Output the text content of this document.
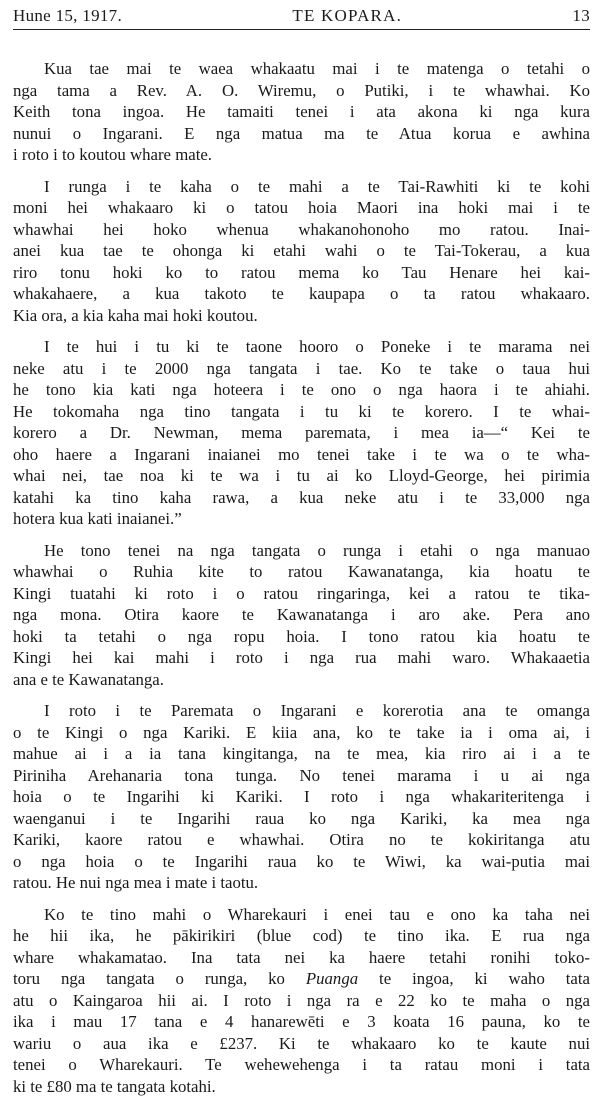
Hune 15, 1917.	TE KOPARA.	13

Kua tae mai te waea whakaatu mai i te matenga o tetahi o
nga tama a Rev. A. O. Wiremu, o Putiki, i te whawhai. Ko
Keith tona ingoa. He tamaiti tenei i ata akona ki nga kura
nunui o Ingarani. E nga matua ma te Atua korua e awhina
i roto i to koutou whare mate.

I runga i te kaha o te mahi a te Tai-Rawhiti ki te kohi
moni hei whakaaro ki o tatou hoia Maori ina hoki mai i te
whawhai hei hoko whenua whakanohonoho mo ratou. Inai-
anei kua tae te ohonga ki etahi wahi o te Tai-Tokerau, a kua
riro tonu hoki ko to ratou mema ko Tau Henare hei kai-
whakahaere, a kua takoto te kaupapa o ta ratou whakaaro.
Kia ora, a kia kaha mai hoki koutou.

I te hui i tu ki te taone hooro o Poneke i te marama nei
neke atu i te 2000 nga tangata i tae. Ko te take o taua hui
he tono kia kati nga hoteera i te ono o nga haora i te ahiahi.
He tokomaha nga tino tangata i tu ki te korero. I te whai-
korero a Dr. Newman, mema paremata, i mea ia—“ Kei te
oho haere a Ingarani inaianei mo tenei take i te wa o te wha-
whai nei, tae noa ki te wa i tu ai ko Lloyd-George, hei pirimia
katahi ka tino kaha rawa, a kua neke atu i te 33,000 nga
hotera kua kati inaianei.”

He tono tenei na nga tangata o runga i etahi o nga manuao
whawhai o Ruhia kite to ratou Kawanatanga, kia hoatu te
Kingi tuatahi ki roto i o ratou ringaringa, kei a ratou te tika-
nga mona. Otira kaore te Kawanatanga i aro ake. Pera ano
hoki ta tetahi o nga ropu hoia. I tono ratou kia hoatu te
Kingi hei kai mahi i roto i nga rua mahi waro. Whakaaetia
ana e te Kawanatanga.

I roto i te Paremata o Ingarani e korerotia ana te omanga
o te Kingi o nga Kariki. E kiia ana, ko te take ia i oma ai, i
mahue ai i a ia tana kingitanga, na te mea, kia riro ai i a te
Piriniha Arehanaria tona tunga. No tenei marama i u ai nga
hoia o te Ingarihi ki Kariki. I roto i nga whakariteritenga i
waenganui i te Ingarihi raua ko nga Kariki, ka mea nga
Kariki, kaore ratou e whawhai. Otira no te kokiritanga atu
o nga hoia o te Ingarihi raua ko te Wiwi, ka wai-putia mai
ratou. He nui nga mea i mate i taotu.

Ko te tino mahi o Wharekauri i enei tau e ono ka taha nei
he hii ika, he pākirikiri (blue cod) te tino ika. E rua nga
whare whakamatao. Ina tata nei ka haere tetahi ronihi toko-
toru nga tangata o runga, ko Puanga te ingoa, ki waho tata
atu o Kaingaroa hii ai. I roto i nga ra e 22 ko te maha o nga
ika i mau 17 tana e 4 hanarewēti e 3 koata 16 pauna, ko te
wariu o aua ika e £237. Ki te whakaaro ko te kaute nui
tenei o Wharekauri. Te wehewehenga i ta ratau moni i tata
ki te £80 ma te tangata kotahi.
